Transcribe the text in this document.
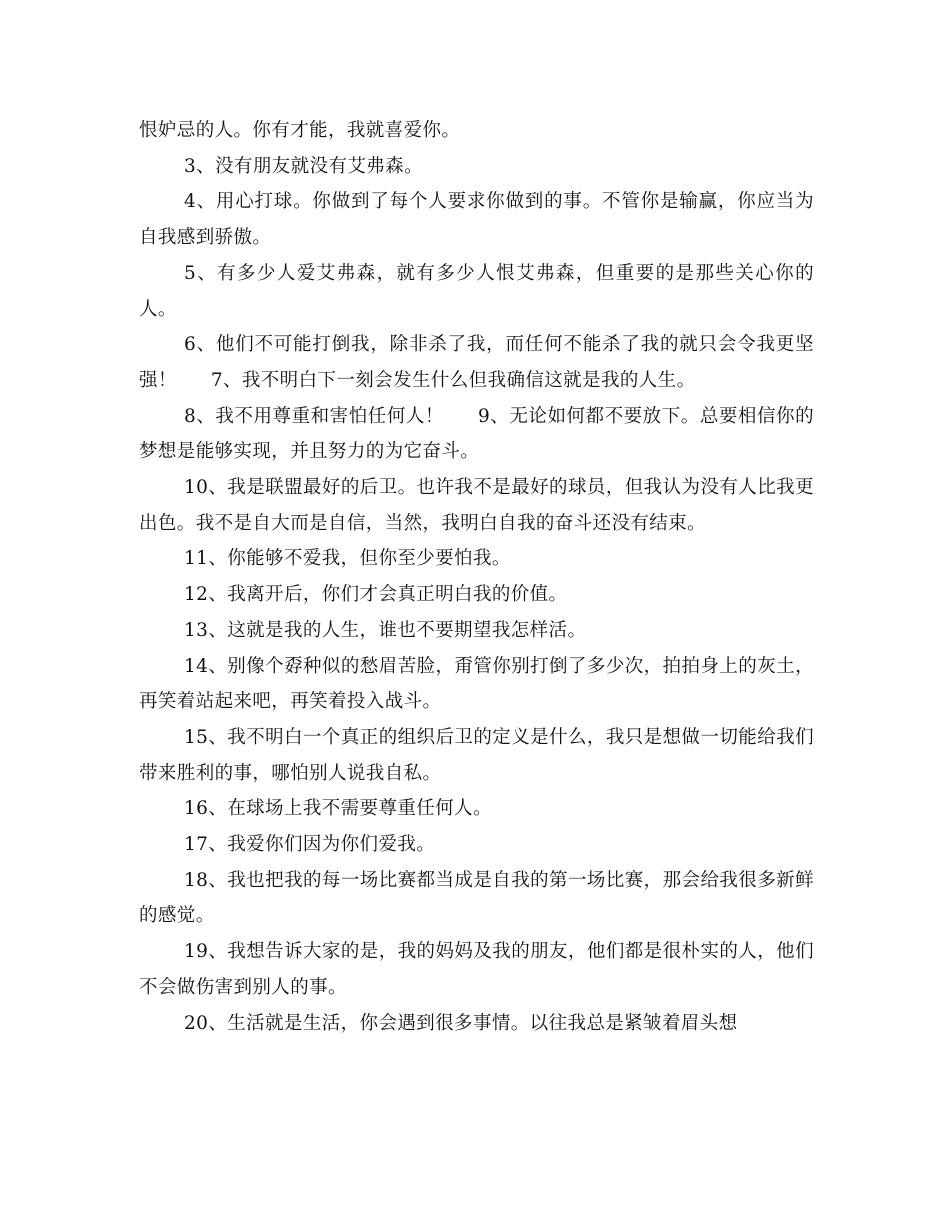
恨妒忌的人。你有才能，我就喜爱你。

3、没有朋友就没有艾弗森。

4、用心打球。你做到了每个人要求你做到的事。不管你是输赢，你应当为自我感到骄傲。

5、有多少人爱艾弗森，就有多少人恨艾弗森，但重要的是那些关心你的人。

6、他们不可能打倒我，除非杀了我，而任何不能杀了我的就只会令我更坚强！ 7、我不明白下一刻会发生什么但我确信这就是我的人生。

8、我不用尊重和害怕任何人！ 9、无论如何都不要放下。总要相信你的梦想是能够实现，并且努力的为它奋斗。

10、我是联盟最好的后卫。也许我不是最好的球员，但我认为没有人比我更出色。我不是自大而是自信，当然，我明白自我的奋斗还没有结束。

11、你能够不爱我，但你至少要怕我。

12、我离开后，你们才会真正明白我的价值。

13、这就是我的人生，谁也不要期望我怎样活。

14、别像个孬种似的愁眉苦脸，甭管你别打倒了多少次，拍拍身上的灰土，再笑着站起来吧，再笑着投入战斗。

15、我不明白一个真正的组织后卫的定义是什么，我只是想做一切能给我们带来胜利的事，哪怕别人说我自私。

16、在球场上我不需要尊重任何人。

17、我爱你们因为你们爱我。

18、我也把我的每一场比赛都当成是自我的第一场比赛，那会给我很多新鲜的感觉。

19、我想告诉大家的是，我的妈妈及我的朋友，他们都是很朴实的人，他们不会做伤害到别人的事。

20、生活就是生活，你会遇到很多事情。以往我总是紧皱着眉头想
